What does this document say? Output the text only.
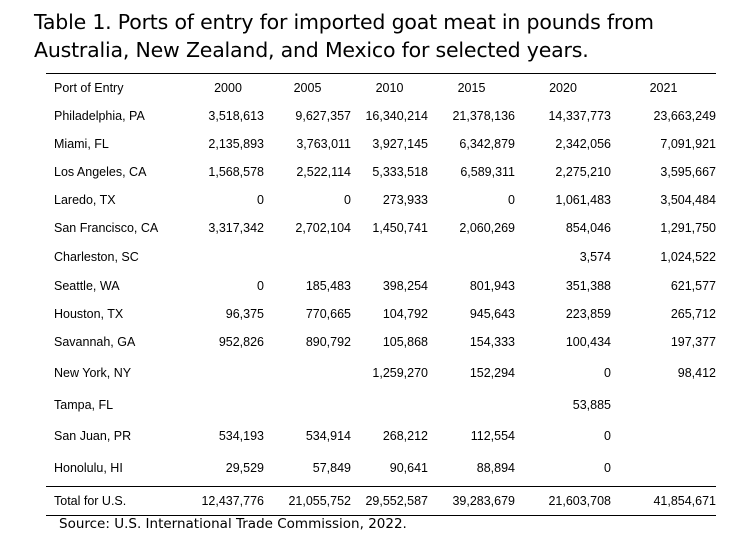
Table 1. Ports of entry for imported goat meat in pounds from Australia, New Zealand, and Mexico for selected years.
Port of Entry	2000	2005	2010	2015	2020	2021
Philadelphia, PA	3,518,613	9,627,357	16,340,214	21,378,136	14,337,773	23,663,249
Miami, FL	2,135,893	3,763,011	3,927,145	6,342,879	2,342,056	7,091,921
Los Angeles, CA	1,568,578	2,522,114	5,333,518	6,589,311	2,275,210	3,595,667
Laredo, TX	0	0	273,933	0	1,061,483	3,504,484
San Francisco, CA	3,317,342	2,702,104	1,450,741	2,060,269	854,046	1,291,750
Charleston, SC					3,574	1,024,522
Seattle, WA	0	185,483	398,254	801,943	351,388	621,577
Houston, TX	96,375	770,665	104,792	945,643	223,859	265,712
Savannah, GA	952,826	890,792	105,868	154,333	100,434	197,377
New York, NY			1,259,270	152,294	0	98,412
Tampa, FL					53,885	
San Juan, PR	534,193	534,914	268,212	112,554	0	
Honolulu, HI	29,529	57,849	90,641	88,894	0	
Total for U.S.	12,437,776	21,055,752	29,552,587	39,283,679	21,603,708	41,854,671

Source: U.S. International Trade Commission, 2022.
